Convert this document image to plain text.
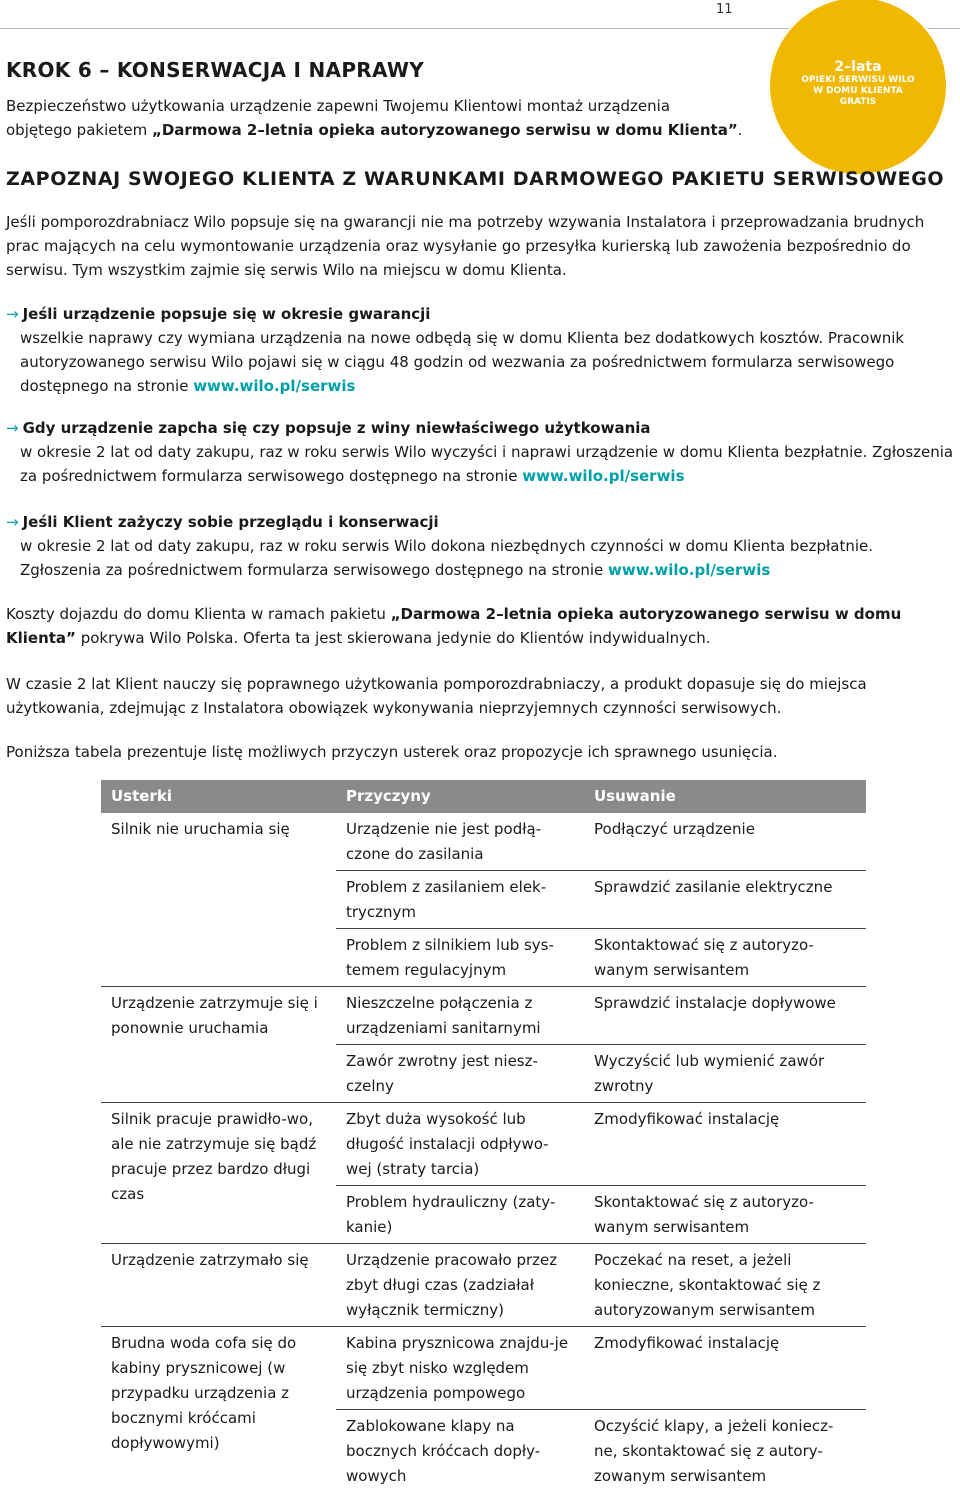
11
2–lata
OPIEKI SERWISU WILO
W DOMU KLIENTA
GRATIS
KROK 6 – KONSERWACJA I NAPRAWY

Bezpieczeństwo użytkowania urządzenie zapewni Twojemu Klientowi montaż urządzenia
objętego pakietem „Darmowa 2–letnia opieka autoryzowanego serwisu w domu Klienta”.

ZAPOZNAJ SWOJEGO KLIENTA Z WARUNKAMI DARMOWEGO PAKIETU SERWISOWEGO

Jeśli pomporozdrabniacz Wilo popsuje się na gwarancji nie ma potrzeby wzywania Instalatora i przeprowadzania brudnych prac mających na celu wymontowanie urządzenia oraz wysyłanie go przesyłka kurierską lub zawożenia bezpośrednio do serwisu. Tym wszystkim zajmie się serwis Wilo na miejscu w domu Klienta.

→ Jeśli urządzenie popsuje się w okresie gwarancji
wszelkie naprawy czy wymiana urządzenia na nowe odbędą się w domu Klienta bez dodatkowych kosztów. Pracownik autoryzowanego serwisu Wilo pojawi się w ciągu 48 godzin od wezwania za pośrednictwem formularza serwisowego dostępnego na stronie www.wilo.pl/serwis
→ Gdy urządzenie zapcha się czy popsuje z winy niewłaściwego użytkowania
w okresie 2 lat od daty zakupu, raz w roku serwis Wilo wyczyści i naprawi urządzenie w domu Klienta bezpłatnie. Zgłoszenia za pośrednictwem formularza serwisowego dostępnego na stronie www.wilo.pl/serwis
→ Jeśli Klient zażyczy sobie przeglądu i konserwacji
w okresie 2 lat od daty zakupu, raz w roku serwis Wilo dokona niezbędnych czynności w domu Klienta bezpłatnie. Zgłoszenia za pośrednictwem formularza serwisowego dostępnego na stronie www.wilo.pl/serwis

Koszty dojazdu do domu Klienta w ramach pakietu „Darmowa 2–letnia opieka autoryzowanego serwisu w domu Klienta” pokrywa Wilo Polska. Oferta ta jest skierowana jedynie do Klientów indywidualnych.

W czasie 2 lat Klient nauczy się poprawnego użytkowania pomporozdrabniaczy, a produkt dopasuje się do miejsca użytkowania, zdejmując z Instalatora obowiązek wykonywania nieprzyjemnych czynności serwisowych.

Poniższa tabela prezentuje listę możliwych przyczyn usterek oraz propozycje ich sprawnego usunięcia.

Usterki	Przyczyny	Usuwanie
Silnik nie uruchamia się	Urządzenie nie jest podłą-czone do zasilania	Podłączyć urządzenie
	Problem z zasilaniem elek-trycznym	Sprawdzić zasilanie elektryczne
	Problem z silnikiem lub sys-temem regulacyjnym	Skontaktować się z autoryzo-wanym serwisantem
Urządzenie zatrzymuje się i ponownie uruchamia	Nieszczelne połączenia z urządzeniami sanitarnymi	Sprawdzić instalacje dopływowe
	Zawór zwrotny jest niesz-czelny	Wyczyścić lub wymienić zawór zwrotny
Silnik pracuje prawidło-wo, ale nie zatrzymuje się bądź pracuje przez bardzo długi czas	Zbyt duża wysokość lub długość instalacji odpływo-wej (straty tarcia)	Zmodyfikować instalację
	Problem hydrauliczny (zaty-kanie)	Skontaktować się z autoryzo-wanym serwisantem
Urządzenie zatrzymało się	Urządzenie pracowało przez zbyt długi czas (zadziałał wyłącznik termiczny)	Poczekać na reset, a jeżeli konieczne, skontaktować się z autoryzowanym serwisantem
Brudna woda cofa się do kabiny prysznicowej (w przypadku urządzenia z bocznymi króćcami dopływowymi)	Kabina prysznicowa znajdu-je się zbyt nisko względem urządzenia pompowego	Zmodyfikować instalację
	Zablokowane klapy na bocznych króćcach dopły-wowych	Oczyścić klapy, a jeżeli koniecz-ne, skontaktować się z autory-zowanym serwisantem
